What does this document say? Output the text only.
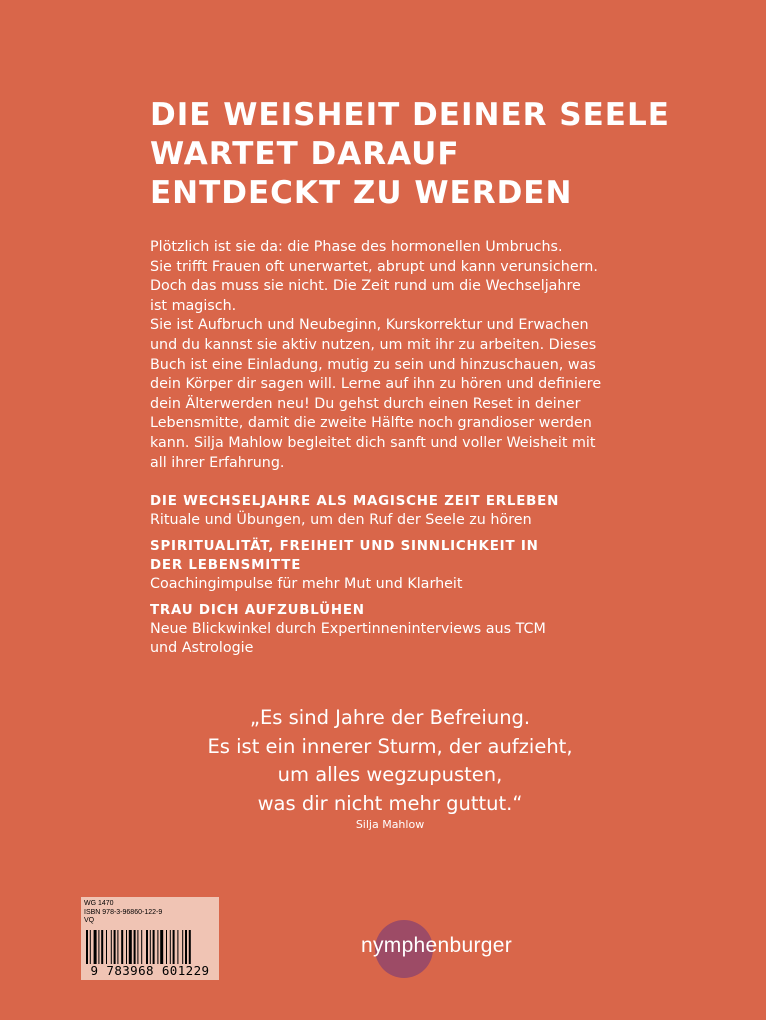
DIE WEISHEIT DEINER SEELE
WARTET DARAUF
ENTDECKT ZU WERDEN

Plötzlich ist sie da: die Phase des hormonellen Umbruchs.
Sie trifft Frauen oft unerwartet, abrupt und kann verunsichern.
Doch das muss sie nicht. Die Zeit rund um die Wechseljahre
ist magisch.
Sie ist Aufbruch und Neubeginn, Kurskorrektur und Erwachen
und du kannst sie aktiv nutzen, um mit ihr zu arbeiten. Dieses
Buch ist eine Einladung, mutig zu sein und hinzuschauen, was
dein Körper dir sagen will. Lerne auf ihn zu hören und definiere
dein Älterwerden neu! Du gehst durch einen Reset in deiner
Lebensmitte, damit die zweite Hälfte noch grandioser werden
kann. Silja Mahlow begleitet dich sanft und voller Weisheit mit
all ihrer Erfahrung.

DIE WECHSELJAHRE ALS MAGISCHE ZEIT ERLEBEN
Rituale und Übungen, um den Ruf der Seele zu hören
SPIRITUALITÄT, FREIHEIT UND SINNLICHKEIT IN
DER LEBENSMITTE
Coachingimpulse für mehr Mut und Klarheit
TRAU DICH AUFZUBLÜHEN
Neue Blickwinkel durch Expertinneninterviews aus TCM
und Astrologie
„Es sind Jahre der Befreiung.
Es ist ein innerer Sturm, der aufzieht,
um alles wegzupusten,
was dir nicht mehr guttut.“
Silja Mahlow
WG 1470
ISBN 978-3-96860-122-9
VQ
9 783968 601229
nymphenburger
